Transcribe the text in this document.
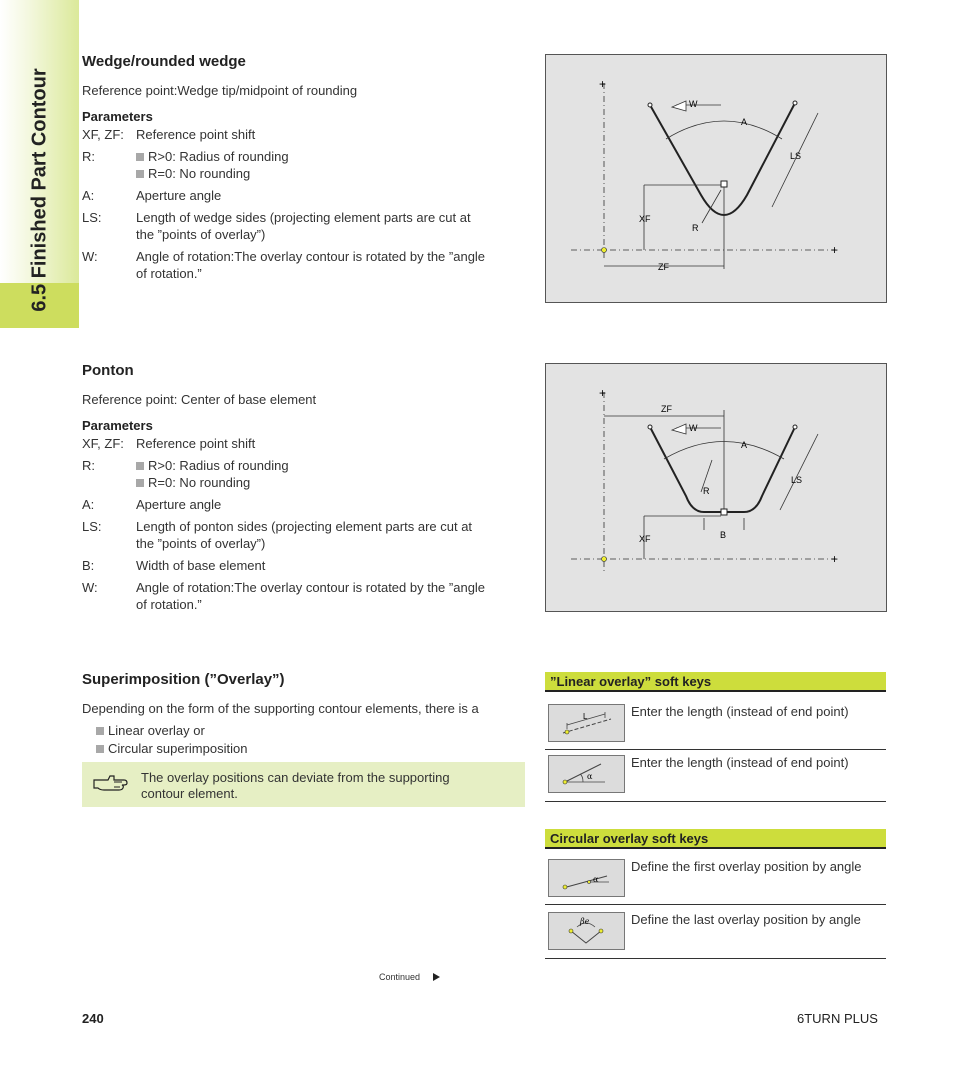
6.5 Finished Part Contour
Wedge/rounded wedge
Reference point:Wedge tip/midpoint of rounding
Parameters
XF, ZF: Reference point shift
R:	R>0: Radius of rounding
R=0: No rounding
A:	Aperture angle
LS:	Length of wedge sides (projecting element parts are cut at
the ”points of overlay”)
W:	Angle of rotation:The overlay contour is rotated by the ”angle
of rotation.”
+
+
A
W
LS
XF
R
ZF
Ponton
Reference point: Center of base element
Parameters
XF, ZF: Reference point shift
R:	R>0: Radius of rounding
R=0: No rounding
A:	Aperture angle
LS:	Length of ponton sides (projecting element parts are cut at
the ”points of overlay”)
B:	Width of base element
W:	Angle of rotation:The overlay contour is rotated by the ”angle
of rotation.”
+
+
ZF
A
W
R
LS
XF	B
Superimposition (”Overlay”)
Depending on the form of the supporting contour elements, there is a
Linear overlay or
Circular superimposition
The overlay positions can deviate from the supporting
contour element.
”Linear overlay” soft keys
L	Enter the length (instead of end point)
α
Enter the length (instead of end point)
Circular overlay soft keys
α
Define the first overlay position by angle
βe	Define the last overlay position by angle
Continued
240	6TURN PLUS
